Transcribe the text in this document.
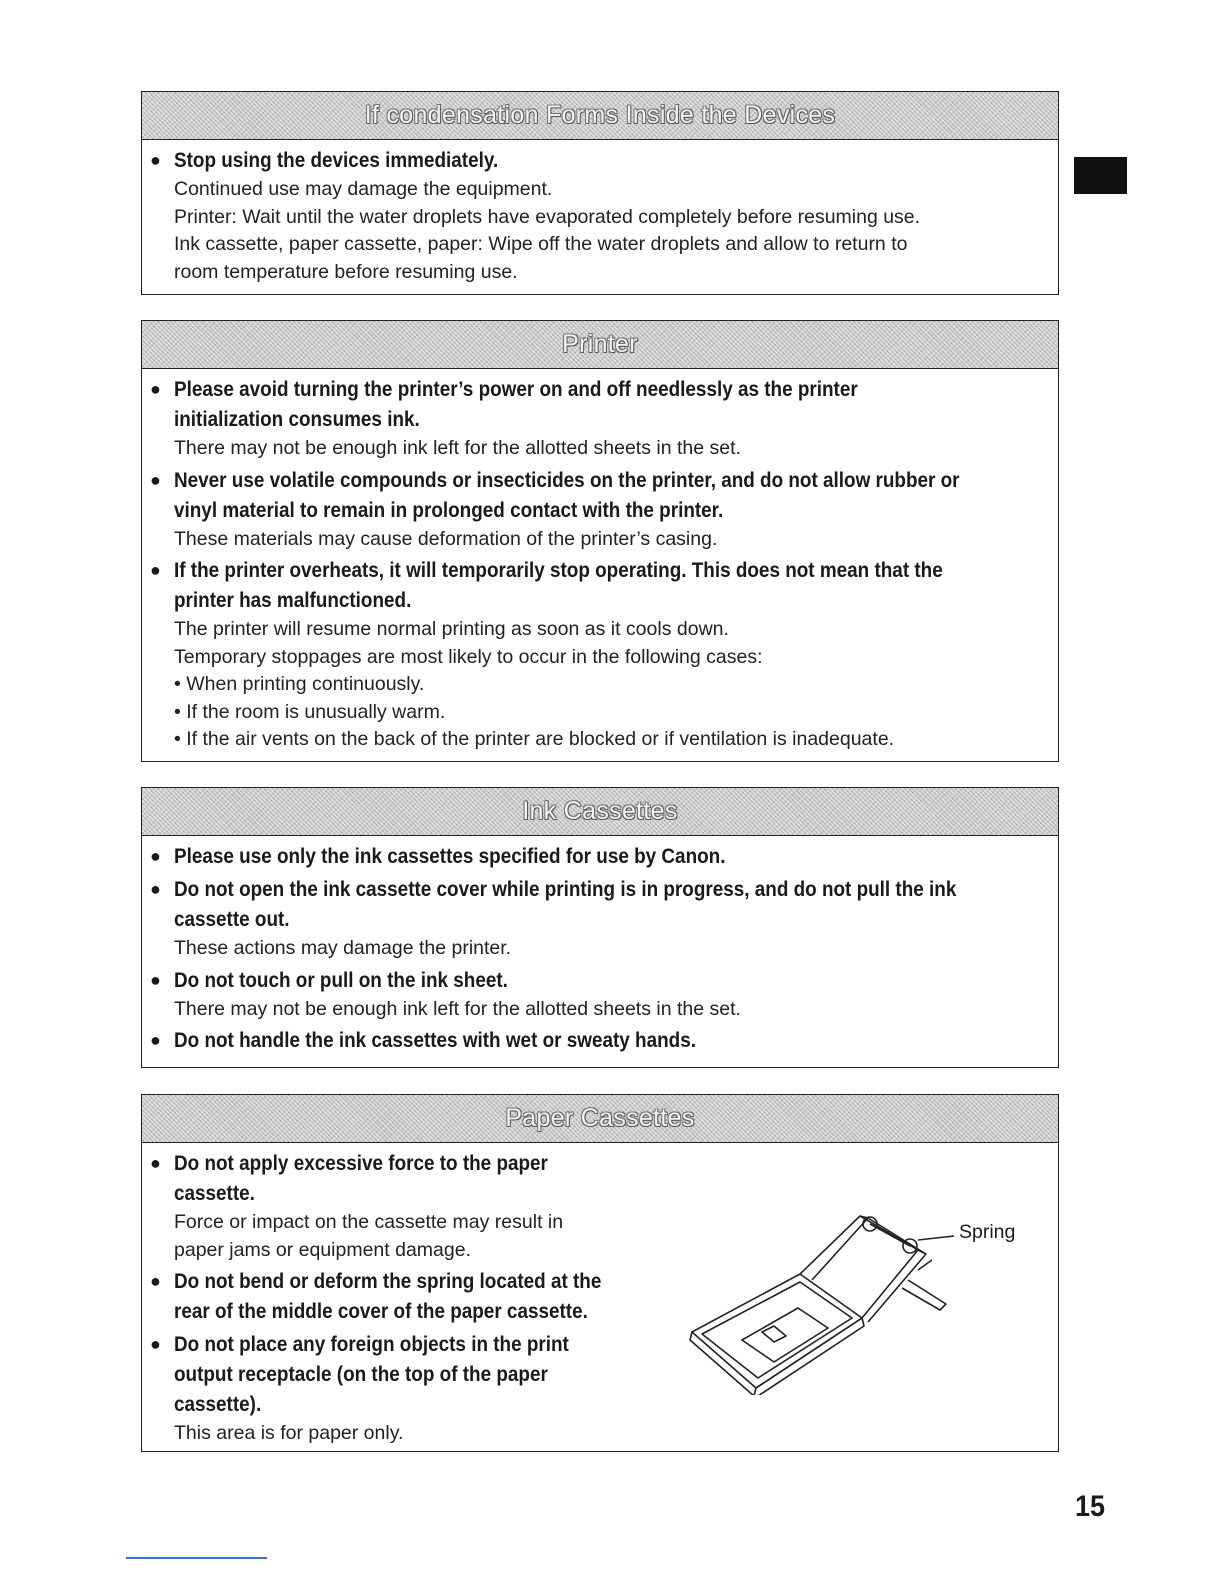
If condensation Forms Inside the Devices
● Stop using the devices immediately.
Continued use may damage the equipment.
Printer: Wait until the water droplets have evaporated completely before resuming use.
Ink cassette, paper cassette, paper: Wipe off the water droplets and allow to return to
room temperature before resuming use.
Printer
● Please avoid turning the printer’s power on and off needlessly as the printer
initialization consumes ink.
There may not be enough ink left for the allotted sheets in the set.
● Never use volatile compounds or insecticides on the printer, and do not allow rubber or
vinyl material to remain in prolonged contact with the printer.
These materials may cause deformation of the printer’s casing.
● If the printer overheats, it will temporarily stop operating. This does not mean that the
printer has malfunctioned.
The printer will resume normal printing as soon as it cools down.
Temporary stoppages are most likely to occur in the following cases:
• When printing continuously.
• If the room is unusually warm.
• If the air vents on the back of the printer are blocked or if ventilation is inadequate.
Ink Cassettes
● Please use only the ink cassettes specified for use by Canon.
● Do not open the ink cassette cover while printing is in progress, and do not pull the ink
cassette out.
These actions may damage the printer.
● Do not touch or pull on the ink sheet.
There may not be enough ink left for the allotted sheets in the set.
● Do not handle the ink cassettes with wet or sweaty hands.
Paper Cassettes
● Do not apply excessive force to the paper
cassette.
Force or impact on the cassette may result in
paper jams or equipment damage.
● Do not bend or deform the spring located at the
rear of the middle cover of the paper cassette.
● Do not place any foreign objects in the print
output receptacle (on the top of the paper
cassette).
This area is for paper only.
Spring
15
